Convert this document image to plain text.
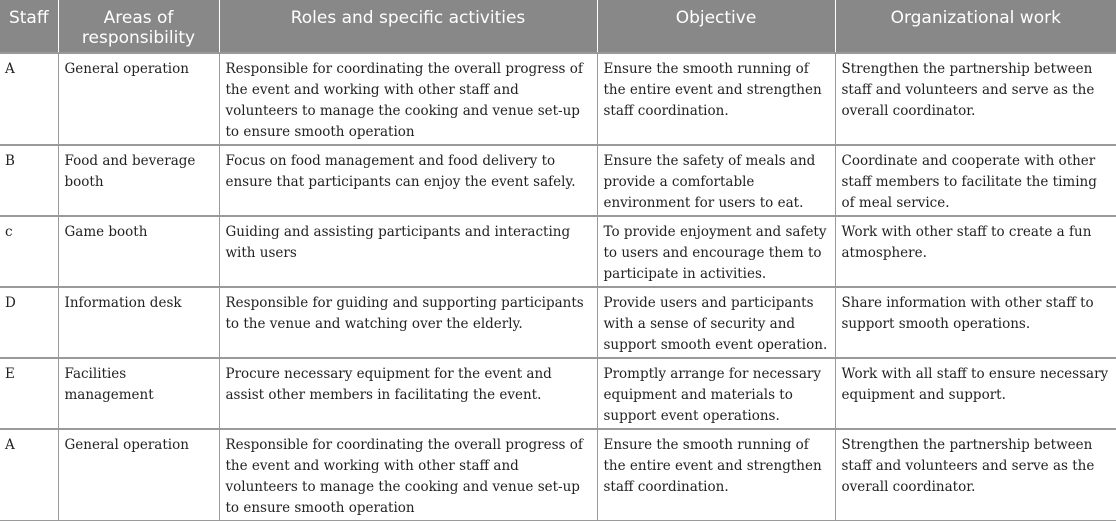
Staff	Areas of responsibility	Roles and specific activities	Objective	Organizational work
A	General operation	Responsible for coordinating the overall progress of the event and working with other staff and volunteers to manage the cooking and venue set-up to ensure smooth operation	Ensure the smooth running of the entire event and strengthen staff coordination.	Strengthen the partnership between staff and volunteers and serve as the overall coordinator.
B	Food and beverage booth	Focus on food management and food delivery to ensure that participants can enjoy the event safely.	Ensure the safety of meals and provide a comfortable environment for users to eat.	Coordinate and cooperate with other staff members to facilitate the timing of meal service.
c	Game booth	Guiding and assisting participants and interacting with users	To provide enjoyment and safety to users and encourage them to participate in activities.	Work with other staff to create a fun atmosphere.
D	Information desk	Responsible for guiding and supporting participants to the venue and watching over the elderly.	Provide users and participants with a sense of security and support smooth event operation.	Share information with other staff to support smooth operations.
E	Facilities management	Procure necessary equipment for the event and assist other members in facilitating the event.	Promptly arrange for necessary equipment and materials to support event operations.	Work with all staff to ensure necessary equipment and support.
A	General operation	Responsible for coordinating the overall progress of the event and working with other staff and volunteers to manage the cooking and venue set-up to ensure smooth operation	Ensure the smooth running of the entire event and strengthen staff coordination.	Strengthen the partnership between staff and volunteers and serve as the overall coordinator.
